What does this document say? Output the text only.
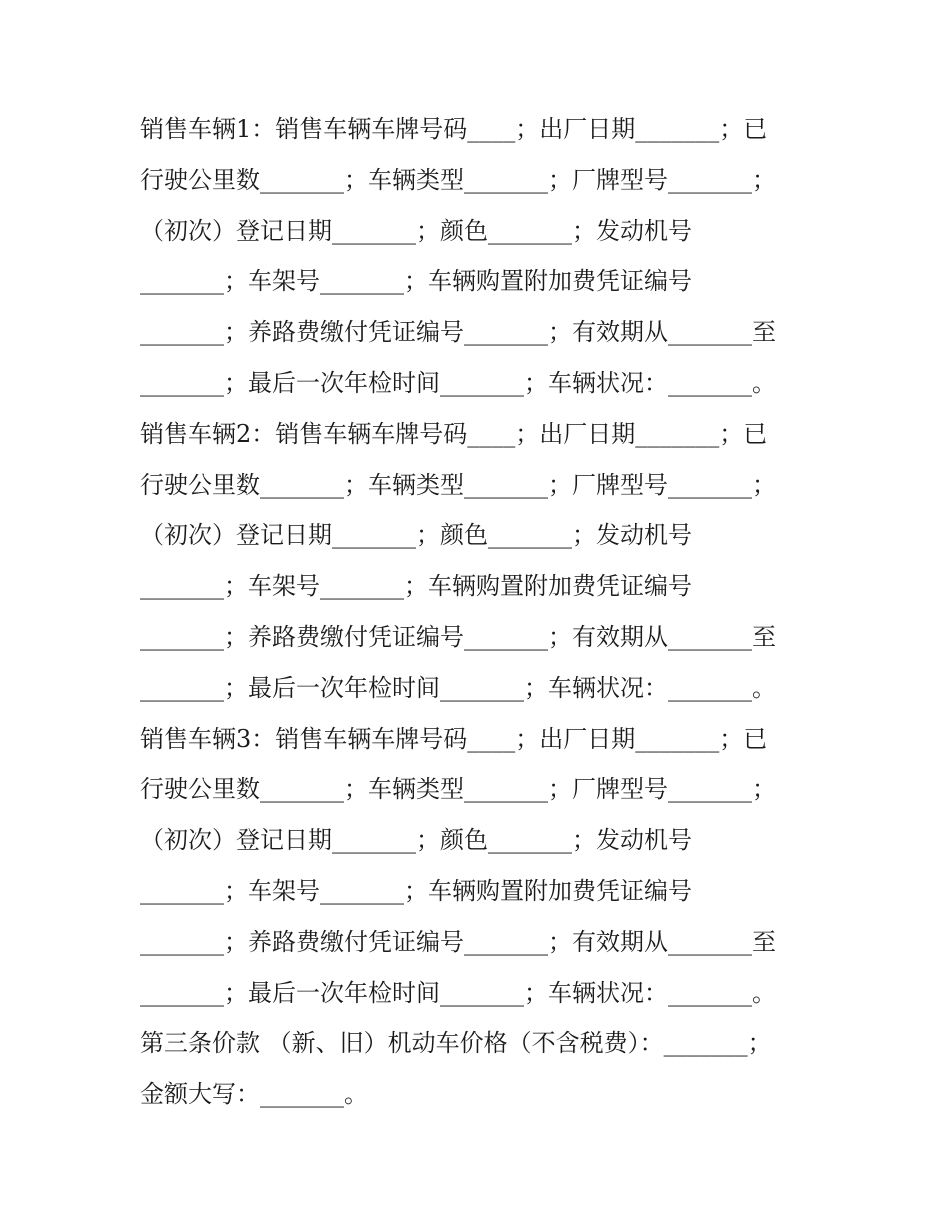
销售车辆1：销售车辆车牌号码____；出厂日期_______；已
行驶公里数_______；车辆类型_______；厂牌型号_______；
（初次）登记日期_______；颜色_______；发动机号
_______；车架号_______；车辆购置附加费凭证编号
_______；养路费缴付凭证编号_______；有效期从_______至
_______；最后一次年检时间_______；车辆状况：_______。
销售车辆2：销售车辆车牌号码____；出厂日期_______；已
行驶公里数_______；车辆类型_______；厂牌型号_______；
（初次）登记日期_______；颜色_______；发动机号
_______；车架号_______；车辆购置附加费凭证编号
_______；养路费缴付凭证编号_______；有效期从_______至
_______；最后一次年检时间_______；车辆状况：_______。
销售车辆3：销售车辆车牌号码____；出厂日期_______；已
行驶公里数_______；车辆类型_______；厂牌型号_______；
（初次）登记日期_______；颜色_______；发动机号
_______；车架号_______；车辆购置附加费凭证编号
_______；养路费缴付凭证编号_______；有效期从_______至
_______；最后一次年检时间_______；车辆状况：_______。
第三条价款 （新、旧）机动车价格（不含税费）：_______；
金额大写：_______。
